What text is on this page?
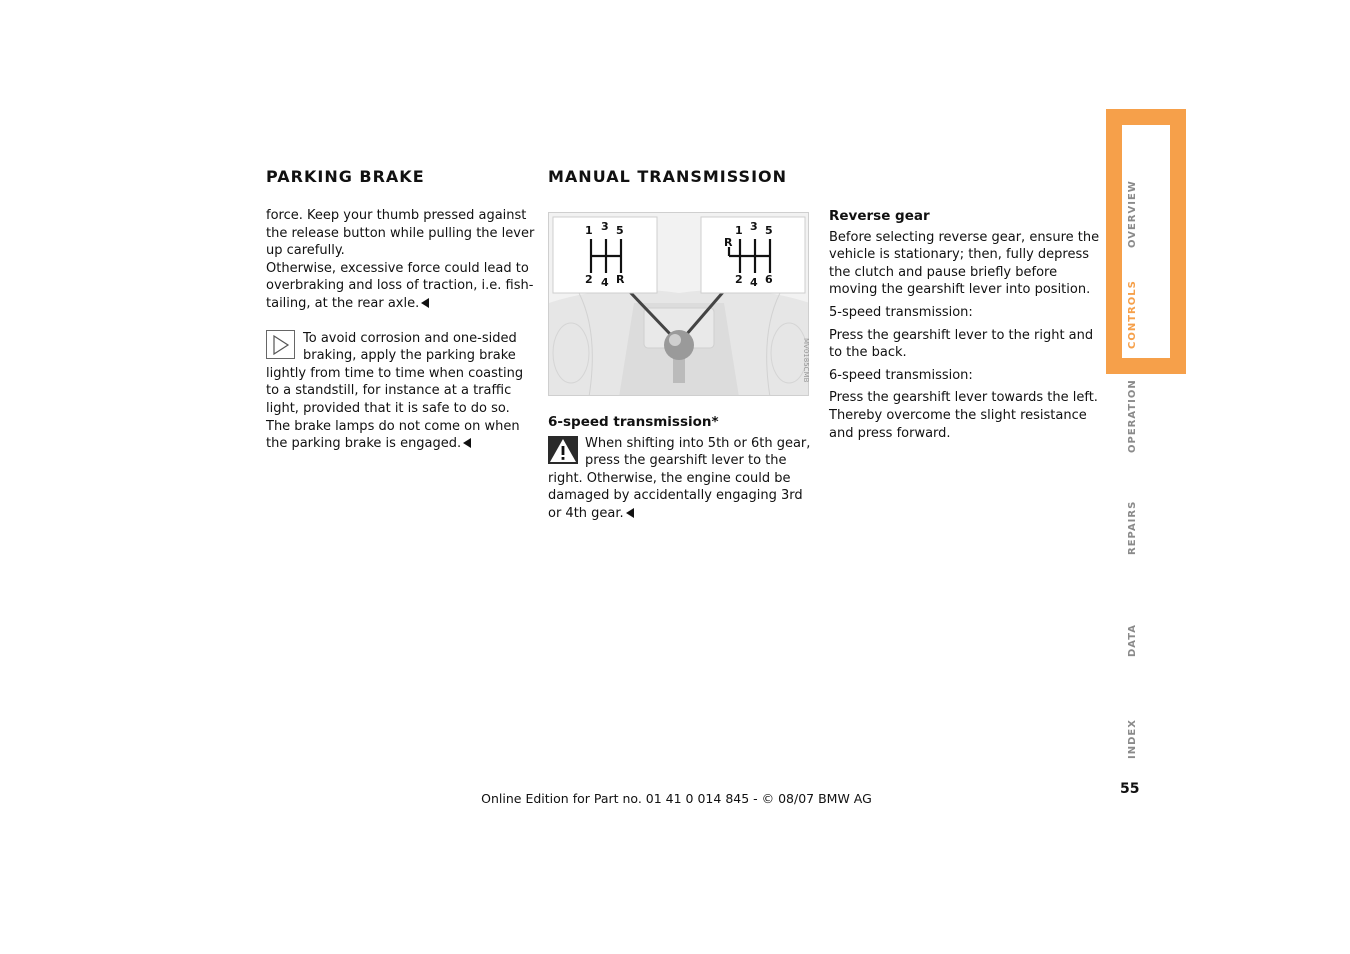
PARKING BRAKE	MANUAL TRANSMISSION

force. Keep your thumb pressed against the release button while pulling the lever up carefully.

Otherwise, excessive force could lead to overbraking and loss of traction, i.e. fish-tailing, at the rear axle.

To avoid corrosion and one-sided braking, apply the parking brake lightly from time to time when coasting to a standstill, for instance at a traffic light, provided that it is safe to do so. The brake lamps do not come on when the parking brake is engaged.

1 3 5
2 4 R
R
1 3 5
2 4 6
MV0185CMB

6-speed transmission*

When shifting into 5th or 6th gear, press the gearshift lever to the right. Otherwise, the engine could be damaged by accidentally engaging 3rd or 4th gear.

Reverse gear

Before selecting reverse gear, ensure the vehicle is stationary; then, fully depress the clutch and pause briefly before moving the gearshift lever into position.

5-speed transmission:

Press the gearshift lever to the right and to the back.

6-speed transmission:

Press the gearshift lever towards the left. Thereby overcome the slight resistance and press forward.

OVERVIEW
CONTROLS
OPERATION
REPAIRS
DATA
INDEX
55
Online Edition for Part no. 01 41 0 014 845 - © 08/07 BMW AG
